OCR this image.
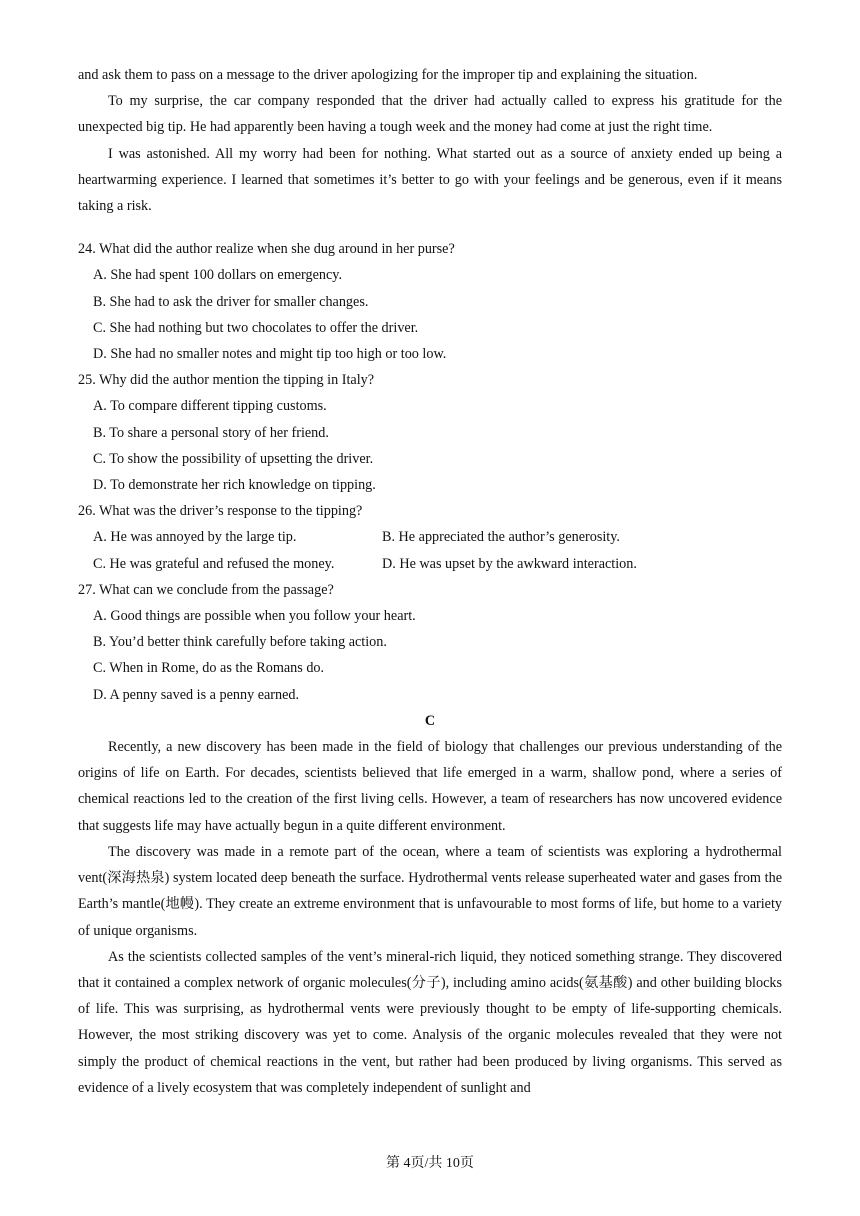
and ask them to pass on a message to the driver apologizing for the improper tip and explaining the situation.

To my surprise, the car company responded that the driver had actually called to express his gratitude for the unexpected big tip. He had apparently been having a tough week and the money had come at just the right time.

I was astonished. All my worry had been for nothing. What started out as a source of anxiety ended up being a heartwarming experience. I learned that sometimes it’s better to go with your feelings and be generous, even if it means taking a risk.

24. What did the author realize when she dug around in her purse?

A. She had spent 100 dollars on emergency.

B. She had to ask the driver for smaller changes.

C. She had nothing but two chocolates to offer the driver.

D. She had no smaller notes and might tip too high or too low.

25. Why did the author mention the tipping in Italy?

A. To compare different tipping customs.

B. To share a personal story of her friend.

C. To show the possibility of upsetting the driver.

D. To demonstrate her rich knowledge on tipping.

26. What was the driver’s response to the tipping?

A. He was annoyed by the large tip.	B. He appreciated the author’s generosity.
C. He was grateful and refused the money.	D. He was upset by the awkward interaction.

27. What can we conclude from the passage?

A. Good things are possible when you follow your heart.

B. You’d better think carefully before taking action.

C. When in Rome, do as the Romans do.

D. A penny saved is a penny earned.

C

Recently, a new discovery has been made in the field of biology that challenges our previous understanding of the origins of life on Earth. For decades, scientists believed that life emerged in a warm, shallow pond, where a series of chemical reactions led to the creation of the first living cells. However, a team of researchers has now uncovered evidence that suggests life may have actually begun in a quite different environment.

The discovery was made in a remote part of the ocean, where a team of scientists was exploring a hydrothermal vent(深海热泉) system located deep beneath the surface. Hydrothermal vents release superheated water and gases from the Earth’s mantle(地幔). They create an extreme environment that is unfavourable to most forms of life, but home to a variety of unique organisms.

As the scientists collected samples of the vent’s mineral-rich liquid, they noticed something strange. They discovered that it contained a complex network of organic molecules(分子), including amino acids(氨基酸) and other building blocks of life. This was surprising, as hydrothermal vents were previously thought to be empty of life-supporting chemicals. However, the most striking discovery was yet to come. Analysis of the organic molecules revealed that they were not simply the product of chemical reactions in the vent, but rather had been produced by living organisms. This served as evidence of a lively ecosystem that was completely independent of sunlight and

第 4页/共 10页
